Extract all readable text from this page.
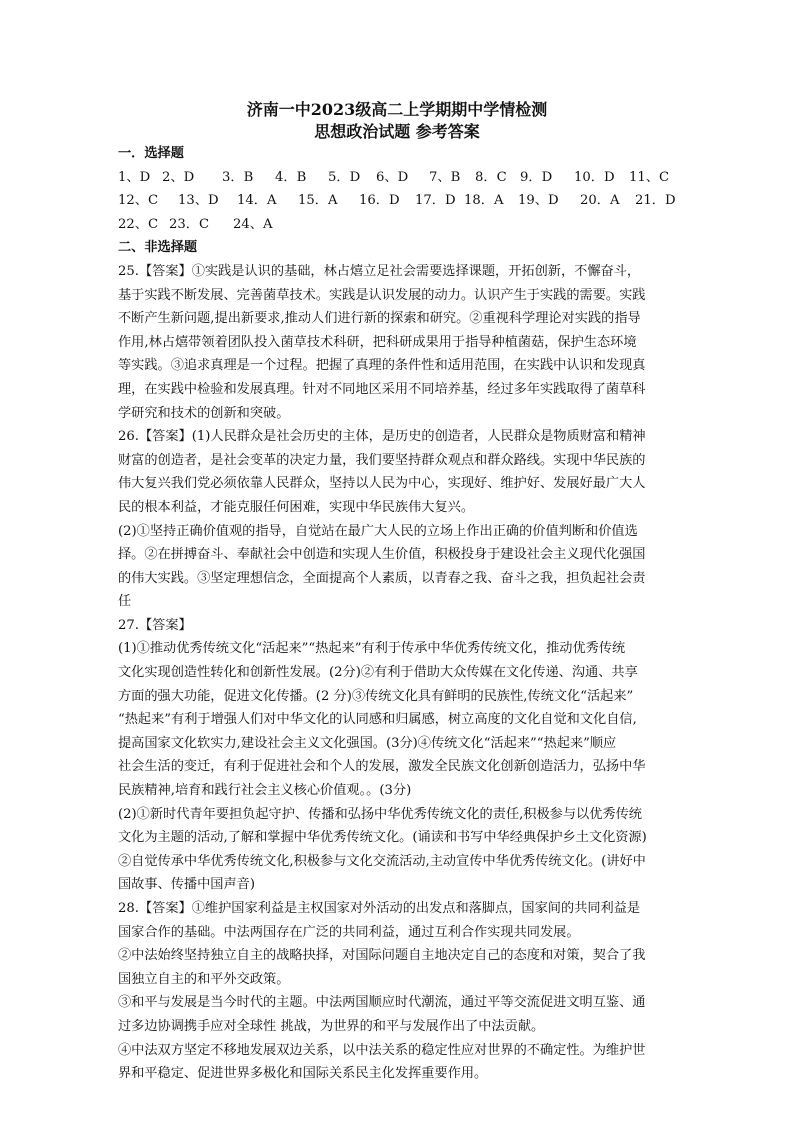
济南一中2023级高二上学期期中学情检测
思想政治试题 参考答案
一．选择题
1、D 2、D	3．B	4．B	5．D	6、D	7、B	8．C	9．D	10．D	11、C
12、C	13、D	14．A	15．A	16．D	17．D 18．A	19、D	20．A	21．D
22、C 23．C	24、A
二、非选择题
25.【答案】①实践是认识的基础，林占熺立足社会需要选择课题，开拓创新，不懈奋斗，
基于实践不断发展、完善菌草技术。实践是认识发展的动力。认识产生于实践的需要。实践
不断产生新问题,提出新要求,推动人们进行新的探索和研究。②重视科学理论对实践的指导
作用,林占熺带领着团队投入菌草技术科研，把科研成果用于指导种植菌菇，保护生态环境
等实践。③追求真理是一个过程。把握了真理的条件性和适用范围，在实践中认识和发现真
理，在实践中检验和发展真理。针对不同地区采用不同培养基，经过多年实践取得了菌草科
学研究和技术的创新和突破。
26.【答案】(1)人民群众是社会历史的主体，是历史的创造者，人民群众是物质财富和精神
财富的创造者，是社会变革的决定力量，我们要坚持群众观点和群众路线。实现中华民族的
伟大复兴我们党必须依靠人民群众，坚持以人民为中心，实现好、维护好、发展好最广大人
民的根本利益，才能克服任何困难，实现中华民族伟大复兴。
(2)①坚持正确价值观的指导，自觉站在最广大人民的立场上作出正确的价值判断和价值选
择。②在拼搏奋斗、奉献社会中创造和实现人生价值，积极投身于建设社会主义现代化强国
的伟大实践。③坚定理想信念，全面提高个人素质，以青春之我、奋斗之我，担负起社会责
任
27.【答案】
(1)①推动优秀传统文化“活起来”“热起来”有利于传承中华优秀传统文化，推动优秀传统
文化实现创造性转化和创新性发展。(2分)②有利于借助大众传媒在文化传递、沟通、共享
方面的强大功能，促进文化传播。(2 分)③传统文化具有鲜明的民族性,传统文化“活起来”
“热起来”有利于增强人们对中华文化的认同感和归属感，树立高度的文化自觉和文化自信,
提高国家文化软实力,建设社会主义文化强国。(3分)④传统文化“活起来”“热起来”顺应
社会生活的变迁，有利于促进社会和个人的发展，激发全民族文化创新创造活力，弘扬中华
民族精神,培育和践行社会主义核心价值观。。(3分)
(2)①新时代青年要担负起守护、传播和弘扬中华优秀传统文化的责任,积极参与以优秀传统
文化为主题的活动,了解和掌握中华优秀传统文化。(诵读和书写中华经典保护乡土文化资源)
②自觉传承中华优秀传统文化,积极参与文化交流活动,主动宣传中华优秀传统文化。(讲好中
国故事、传播中国声音)
28.【答案】①维护国家利益是主权国家对外活动的出发点和落脚点，国家间的共同利益是
国家合作的基础。中法两国存在广泛的共同利益，通过互利合作实现共同发展。
②中法始终坚持独立自主的战略抉择，对国际问题自主地决定自己的态度和对策，契合了我
国独立自主的和平外交政策。
③和平与发展是当今时代的主题。中法两国顺应时代潮流，通过平等交流促进文明互鉴、通
过多边协调携手应对全球性 挑战，为世界的和平与发展作出了中法贡献。
④中法双方坚定不移地发展双边关系，以中法关系的稳定性应对世界的不确定性。为维护世
界和平稳定、促进世界多极化和国际关系民主化发挥重要作用。
